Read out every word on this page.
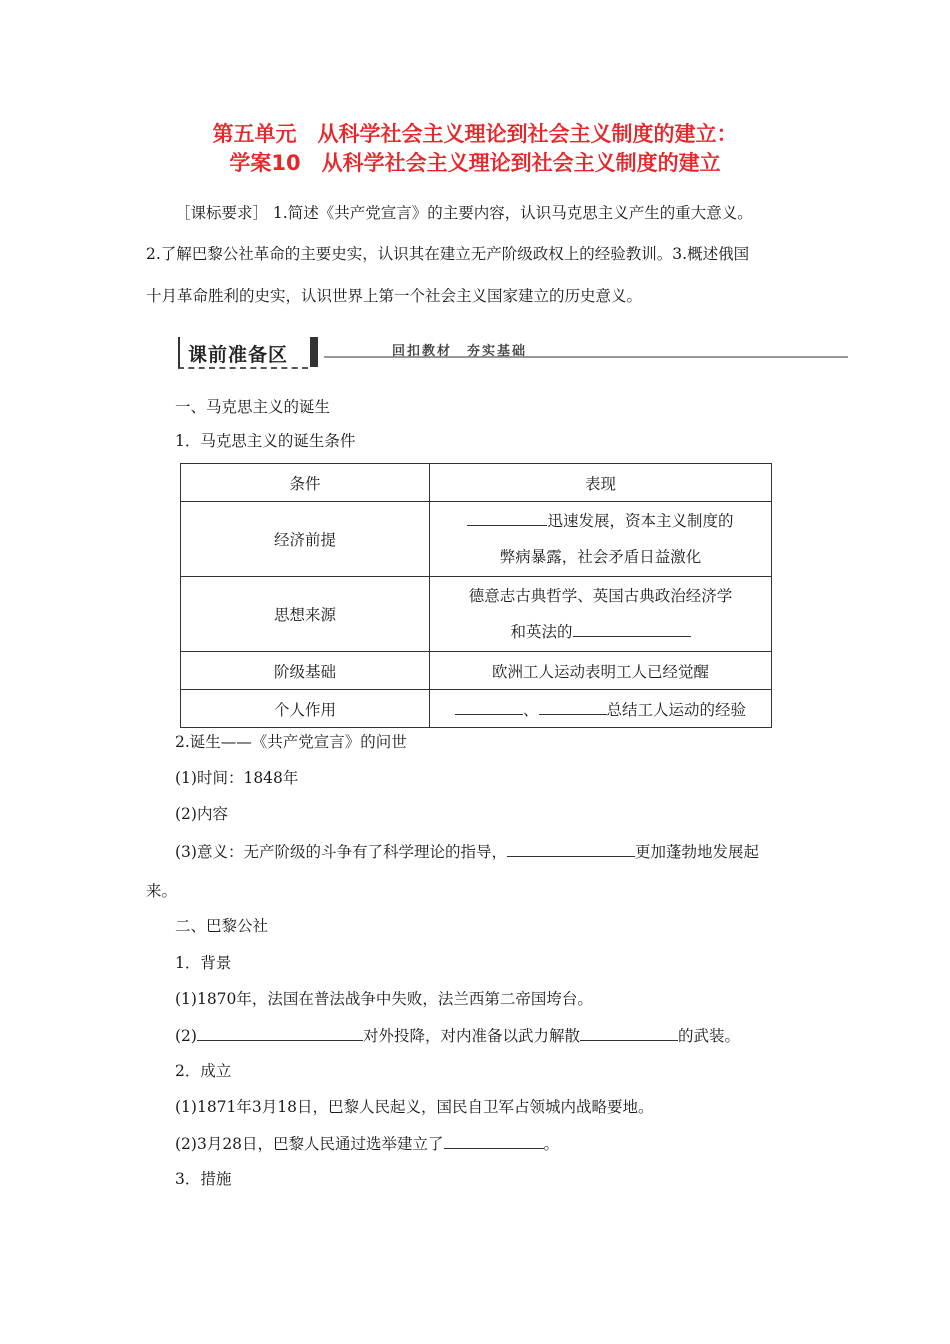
第五单元　从科学社会主义理论到社会主义制度的建立：
学案10　从科学社会主义理论到社会主义制度的建立
［课标要求］ 1.简述《共产党宣言》的主要内容，认识马克思主义产生的重大意义。
2.了解巴黎公社革命的主要史实，认识其在建立无产阶级政权上的经验教训。3.概述俄国
十月革命胜利的史实，认识世界上第一个社会主义国家建立的历史意义。
课前准备区	回扣教材　夯实基础
一、马克思主义的诞生
1．马克思主义的诞生条件
条件	表现
经济前提	迅速发展，资本主义制度的
弊病暴露，社会矛盾日益激化

思想来源	德意志古典哲学、英国古典政治经济学
和英法的

阶级基础	欧洲工人运动表明工人已经觉醒
个人作用	、 总结工人运动的经验
2.诞生——《共产党宣言》的问世
(1)时间：1848年
(2)内容
(3)意义：无产阶级的斗争有了科学理论的指导，	更加蓬勃地发展起
来。
二、巴黎公社
1．背景
(1)1870年，法国在普法战争中失败，法兰西第二帝国垮台。
(2)	对外投降，对内准备以武力解散	的武装。
2．成立
(1)1871年3月18日，巴黎人民起义，国民自卫军占领城内战略要地。
(2)3月28日，巴黎人民通过选举建立了	。
3．措施
